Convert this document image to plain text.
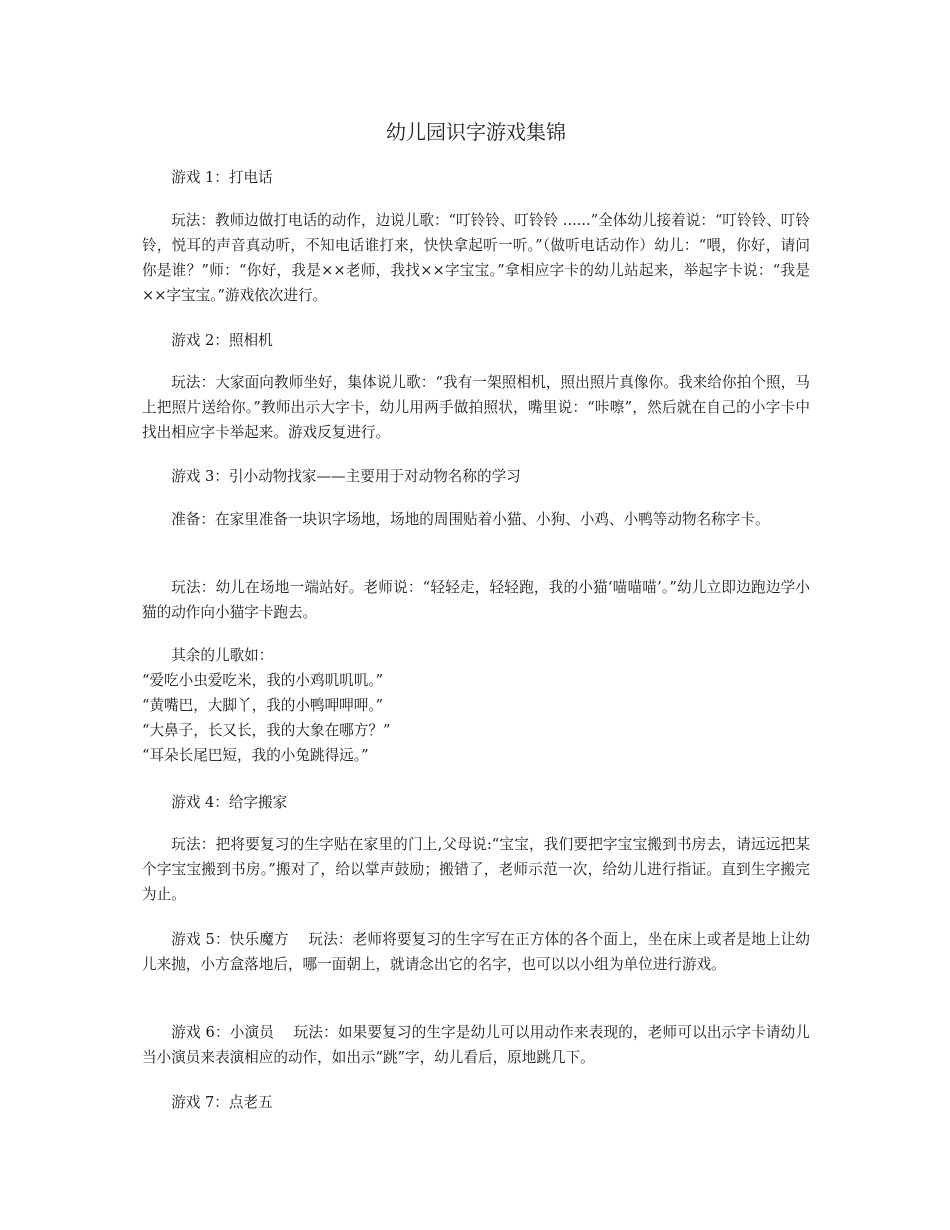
幼儿园识字游戏集锦

游戏 1：打电话

玩法：教师边做打电话的动作，边说儿歌：“叮铃铃、叮铃铃 ......”全体幼儿接着说：“叮铃铃、叮铃铃，悦耳的声音真动听，不知电话谁打来，快快拿起听一听。”（做听电话动作）幼儿：“喂，你好，请问你是谁？”师：“你好，我是××老师，我找××字宝宝。”拿相应字卡的幼儿站起来，举起字卡说：“我是××字宝宝。”游戏依次进行。

游戏 2：照相机

玩法：大家面向教师坐好，集体说儿歌：“我有一架照相机，照出照片真像你。我来给你拍个照，马上把照片送给你。”教师出示大字卡，幼儿用两手做拍照状，嘴里说：“咔嚓”，然后就在自己的小字卡中找出相应字卡举起来。游戏反复进行。

游戏 3：引小动物找家——主要用于对动物名称的学习

准备：在家里准备一块识字场地，场地的周围贴着小猫、小狗、小鸡、小鸭等动物名称字卡。

玩法：幼儿在场地一端站好。老师说：“轻轻走，轻轻跑，我的小猫‘喵喵喵’。”幼儿立即边跑边学小猫的动作向小猫字卡跑去。

其余的儿歌如：

“爱吃小虫爱吃米，我的小鸡叽叽叽。”

“黄嘴巴，大脚丫，我的小鸭呷呷呷。”

“大鼻子，长又长，我的大象在哪方？”

“耳朵长尾巴短，我的小兔跳得远。”

游戏 4：给字搬家

玩法：把将要复习的生字贴在家里的门上,父母说:“宝宝，我们要把字宝宝搬到书房去，请远远把某个字宝宝搬到书房。”搬对了，给以掌声鼓励；搬错了，老师示范一次，给幼儿进行指证。直到生字搬完为止。

游戏 5：快乐魔方　 玩法：老师将要复习的生字写在正方体的各个面上，坐在床上或者是地上让幼儿来抛，小方盒落地后，哪一面朝上，就请念出它的名字，也可以以小组为单位进行游戏。

游戏 6：小演员　 玩法：如果要复习的生字是幼儿可以用动作来表现的，老师可以出示字卡请幼儿当小演员来表演相应的动作，如出示“跳”字，幼儿看后，原地跳几下。

游戏 7：点老五
